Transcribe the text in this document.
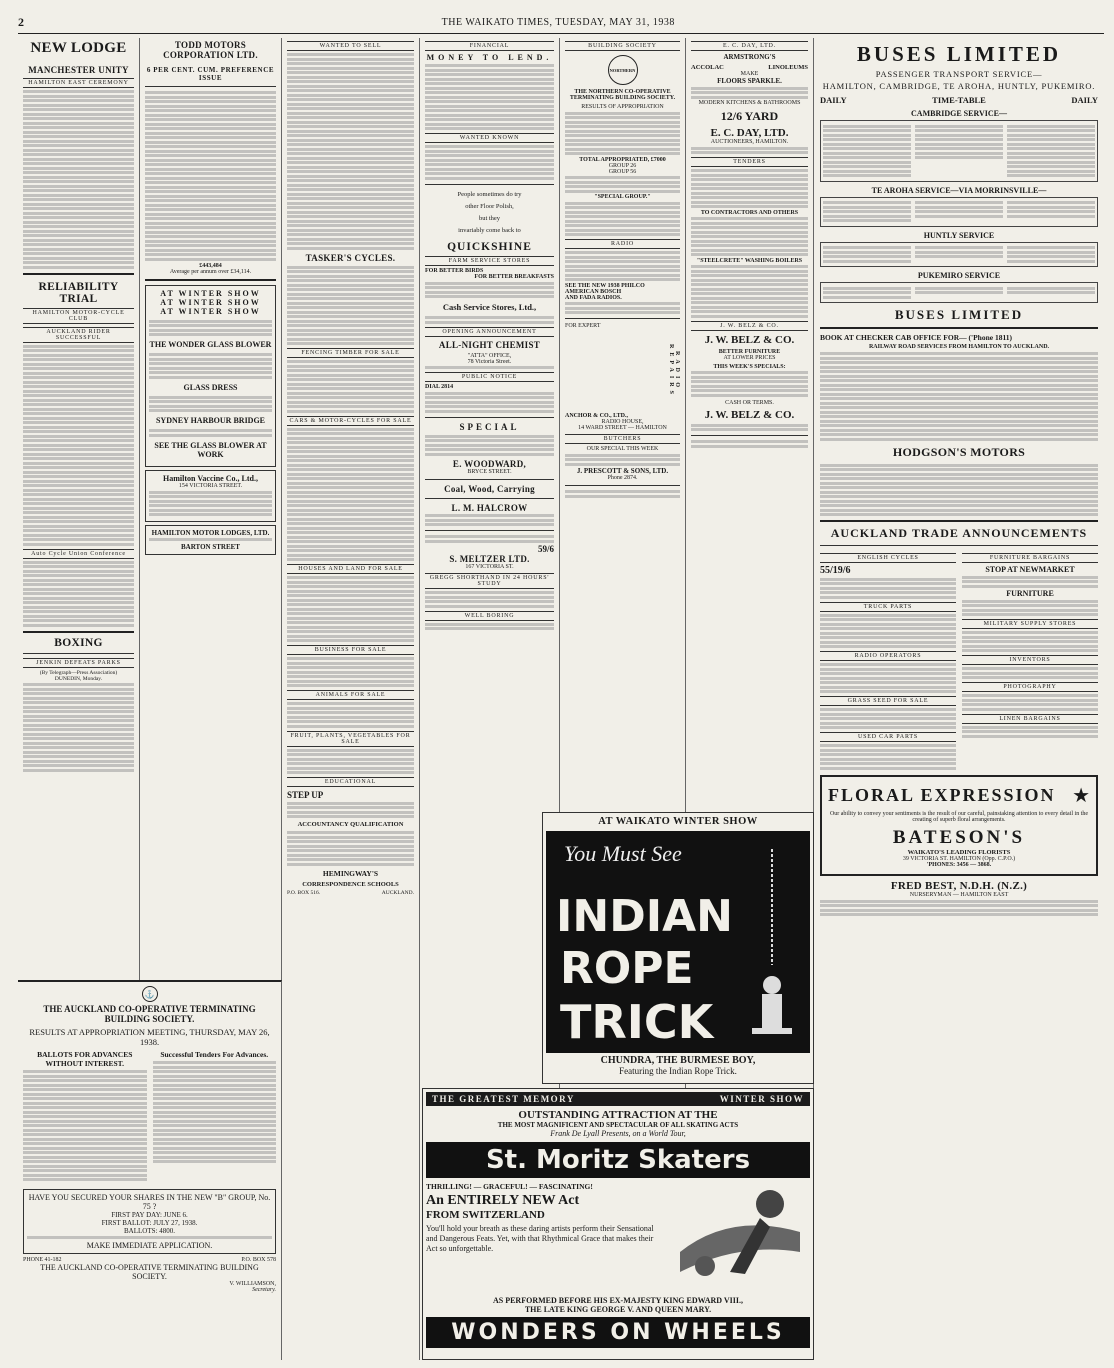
2	THE WAIKATO TIMES, TUESDAY, MAY 31, 1938
NEW LODGE
MANCHESTER UNITY
HAMILTON EAST CEREMONY
RELIABILITY TRIAL
HAMILTON MOTOR-CYCLE CLUB
AUCKLAND RIDER SUCCESSFUL
Auto Cycle Union Conference
BOXING
JENKIN DEFEATS PARKS
(By Telegraph—Press Association)
DUNEDIN, Monday.
TODD MOTORS CORPORATION LTD.
6 PER CENT. CUM. PREFERENCE ISSUE
£443,484
Average per annum over £34,114.
AT WINTER SHOW
AT WINTER SHOW
AT WINTER SHOW
THE WONDER GLASS BLOWER
GLASS DRESS
SYDNEY HARBOUR BRIDGE
SEE THE GLASS BLOWER AT WORK
Hamilton Vaccine Co., Ltd.,
154 VICTORIA STREET.
HAMILTON MOTOR LODGES, LTD.
BARTON STREET
WANTED TO SELL
TASKER'S CYCLES.
FENCING TIMBER FOR SALE
CARS & MOTOR-CYCLES FOR SALE
HOUSES AND LAND FOR SALE
BUSINESS FOR SALE
ANIMALS FOR SALE
FRUIT, PLANTS, VEGETABLES FOR SALE
EDUCATIONAL
STEP UP
ACCOUNTANCY QUALIFICATION
HEMINGWAY'S
CORRESPONDENCE SCHOOLS
P.O. BOX 516.	AUCKLAND.
FINANCIAL
MONEY TO LEND.
WANTED KNOWN
People sometimes do try
other Floor Polish,
but they
invariably come back to
QUICKSHINE
FARM SERVICE STORES
FOR BETTER BIRDS
FOR BETTER BREAKFASTS
Cash Service Stores, Ltd.,
OPENING ANNOUNCEMENT
ALL-NIGHT CHEMIST
"ATTA" OFFICE,
78 Victoria Street.
PUBLIC NOTICE
DIAL 2814
SPECIAL
E. WOODWARD,
BRYCE STREET.
Coal, Wood, Carrying
L. M. HALCROW
59/6
S. MELTZER LTD.
167 VICTORIA ST.
GREGG SHORTHAND IN 24 HOURS' STUDY
WELL BORING
BUILDING SOCIETY
NORTHERN
THE NORTHERN CO-OPERATIVE TERMINATING BUILDING SOCIETY.
RESULTS OF APPROPRIATION
TOTAL APPROPRIATED, £7000
GROUP 26
GROUP 56
"SPECIAL GROUP."
RADIO
SEE THE NEW 1938 PHILCO
AMERICAN BOSCH
AND FADA RADIOS.
FOR EXPERT
RADIO REPAIRS
ANCHOR & CO., LTD.,
RADIO HOUSE,
14 WARD STREET — HAMILTON
BUTCHERS
OUR SPECIAL THIS WEEK
J. PRESCOTT & SONS, LTD.
Phone 2874.
E. C. DAY, LTD.
ARMSTRONG'S
ACCOLAC	LINOLEUMS
MAKE
FLOORS SPARKLE.
MODERN KITCHENS & BATHROOMS
12/6 YARD
E. C. DAY, LTD.
AUCTIONEERS, HAMILTON.
TENDERS
TO CONTRACTORS AND OTHERS
"STEELCRETE" WASHING BOILERS
J. W. BELZ & CO.
J. W. BELZ & CO.
BETTER FURNITURE
AT LOWER PRICES
THIS WEEK'S SPECIALS:
CASH OR TERMS.
J. W. BELZ & CO.
BUSES LIMITED
PASSENGER TRANSPORT SERVICE—
HAMILTON, CAMBRIDGE, TE AROHA, HUNTLY, PUKEMIRO.
DAILY	TIME-TABLE	DAILY
CAMBRIDGE SERVICE—
TE AROHA SERVICE—VIA MORRINSVILLE—
HUNTLY SERVICE
PUKEMIRO SERVICE
BUSES LIMITED
BOOK AT CHECKER CAB OFFICE FOR— ('Phone 1811)
RAILWAY ROAD SERVICES FROM HAMILTON TO AUCKLAND.
HODGSON'S MOTORS
AUCKLAND TRADE ANNOUNCEMENTS
ENGLISH CYCLES
55/19/6
TRUCK PARTS
RADIO OPERATORS
GRASS SEED FOR SALE
USED CAR PARTS
FURNITURE BARGAINS
STOP AT NEWMARKET
FURNITURE
MILITARY SUPPLY STORES
INVENTORS
PHOTOGRAPHY
LINEN BARGAINS
FLORAL EXPRESSION ★
Our ability to convey your sentiments is the result of our careful, painstaking attention to every detail in the creating of superb floral arrangements.
BATESON'S
WAIKATO'S LEADING FLORISTS
39 VICTORIA ST. HAMILTON (Opp. C.P.O.)
'PHONES: 3456 — 3868.
FRED BEST, N.D.H. (N.Z.)
NURSERYMAN — HAMILTON EAST
⚓
THE AUCKLAND CO-OPERATIVE TERMINATING BUILDING SOCIETY.
RESULTS AT APPROPRIATION MEETING, THURSDAY, MAY 26, 1938.
BALLOTS FOR ADVANCES WITHOUT INTEREST.
Successful Tenders For Advances.
HAVE YOU SECURED YOUR SHARES IN THE NEW "B" GROUP, No. 75 ?
FIRST PAY DAY: JUNE 6.
FIRST BALLOT: JULY 27, 1938.
BALLOTS: 4800.
MAKE IMMEDIATE APPLICATION.
PHONE 41-182	P.O. BOX 578
THE AUCKLAND CO-OPERATIVE TERMINATING BUILDING SOCIETY.
V. WILLIAMSON,
Secretary.
AT WAIKATO WINTER SHOW
You Must See
INDIAN
ROPE
TRICK
CHUNDRA, THE BURMESE BOY,
Featuring the Indian Rope Trick.
THE GREATEST MEMORY	WINTER SHOW
OUTSTANDING ATTRACTION AT THE
THE MOST MAGNIFICENT AND SPECTACULAR OF ALL SKATING ACTS
Frank De Lyall Presents, on a World Tour,
St. Moritz Skaters
THRILLING! — GRACEFUL! — FASCINATING!
An ENTIRELY NEW Act
FROM SWITZERLAND
You'll hold your breath as these daring artists perform their Sensational and Dangerous Feats. Yet, with that Rhythmical Grace that makes their Act so unforgettable.
AS PERFORMED BEFORE HIS EX-MAJESTY KING EDWARD VIII.,
THE LATE KING GEORGE V. AND QUEEN MARY.
WONDERS ON WHEELS
